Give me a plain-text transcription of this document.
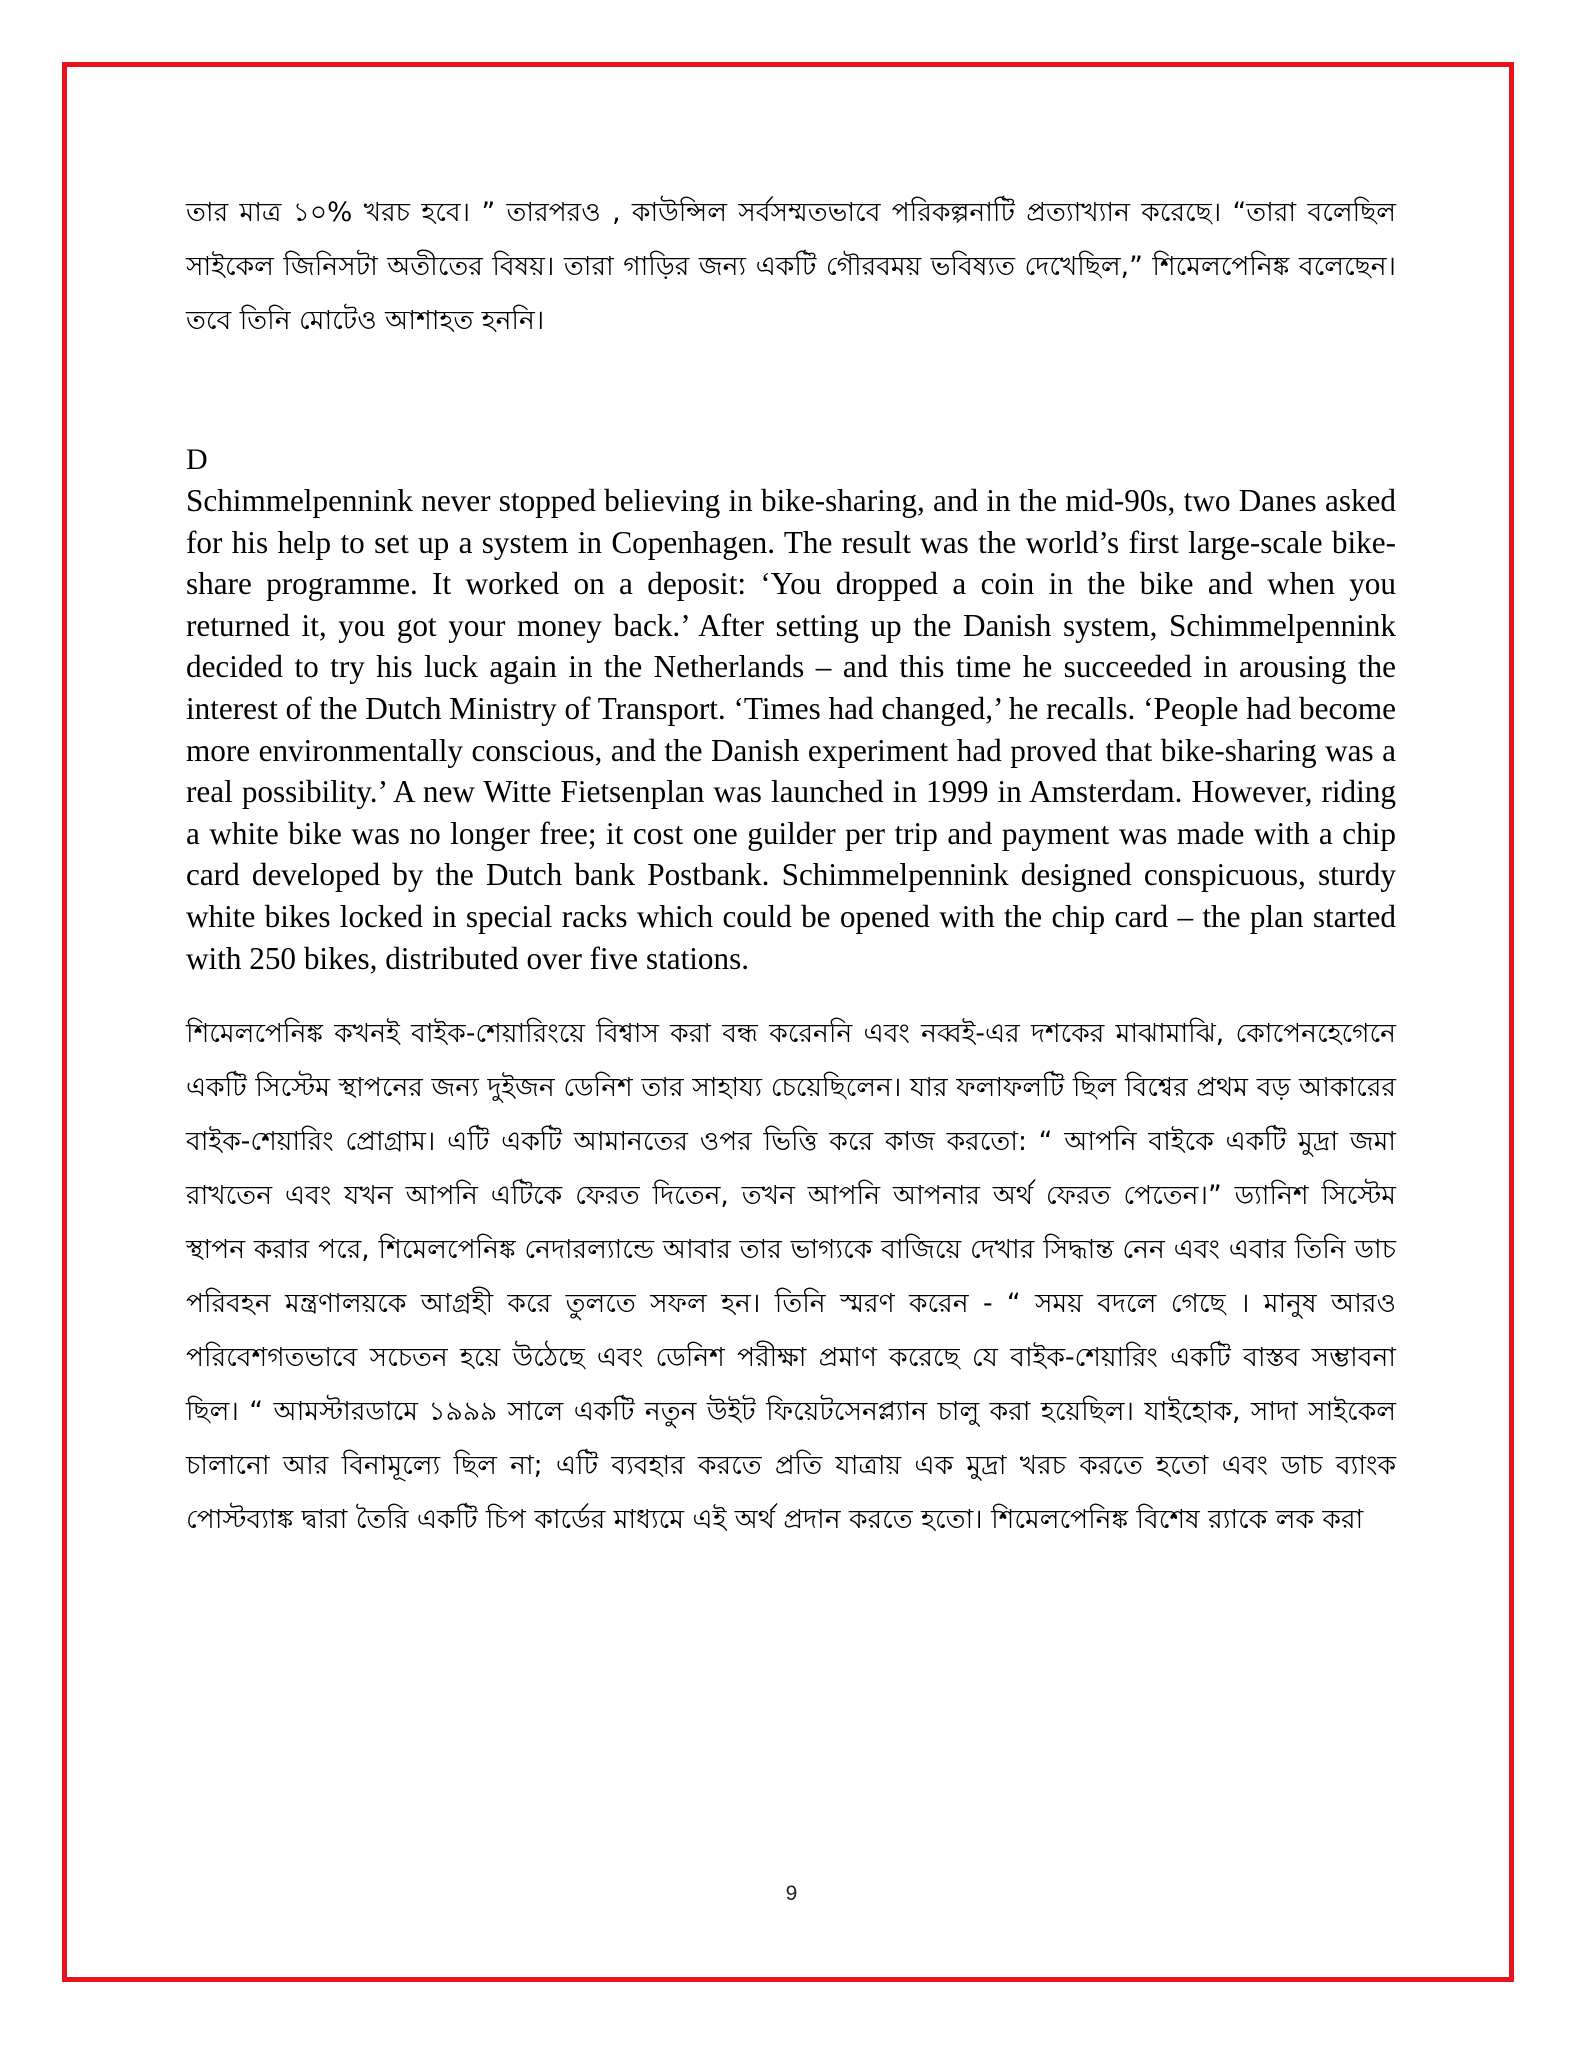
তার মাত্র ১০% খরচ হবে। ” তারপরও , কাউন্সিল সর্বসম্মতভাবে পরিকল্পনাটি প্রত্যাখ্যান করেছে। “তারা বলেছিল সাইকেল জিনিসটা অতীতের বিষয়। তারা গাড়ির জন্য একটি গৌরবময় ভবিষ্যত দেখেছিল,” শিমেলপেনিঙ্ক বলেছেন। তবে তিনি মোটেও আশাহত হননি।

D

Schimmelpennink never stopped believing in bike-sharing, and in the mid-90s, two Danes asked for his help to set up a system in Copenhagen. The result was the world’s first large-scale bike-share programme. It worked on a deposit: ‘You dropped a coin in the bike and when you returned it, you got your money back.’ After setting up the Danish system, Schimmelpennink decided to try his luck again in the Netherlands – and this time he succeeded in arousing the interest of the Dutch Ministry of Transport. ‘Times had changed,’ he recalls. ‘People had become more environmentally conscious, and the Danish experiment had proved that bike-sharing was a real possibility.’ A new Witte Fietsenplan was launched in 1999 in Amsterdam. However, riding a white bike was no longer free; it cost one guilder per trip and payment was made with a chip card developed by the Dutch bank Postbank. Schimmelpennink designed conspicuous, sturdy white bikes locked in special racks which could be opened with the chip card – the plan started with 250 bikes, distributed over five stations.

শিমেলপেনিঙ্ক কখনই বাইক-শেয়ারিংয়ে বিশ্বাস করা বন্ধ করেননি এবং নব্বই-এর দশকের মাঝামাঝি, কোপেনহেগেনে একটি সিস্টেম স্থাপনের জন্য দুইজন ডেনিশ তার সাহায্য চেয়েছিলেন। যার ফলাফলটি ছিল বিশ্বের প্রথম বড় আকারের বাইক-শেয়ারিং প্রোগ্রাম। এটি একটি আমানতের ওপর ভিত্তি করে কাজ করতো: “ আপনি বাইকে একটি মুদ্রা জমা রাখতেন এবং যখন আপনি এটিকে ফেরত দিতেন, তখন আপনি আপনার অর্থ ফেরত পেতেন।” ড্যানিশ সিস্টেম স্থাপন করার পরে, শিমেলপেনিঙ্ক নেদারল্যান্ডে আবার তার ভাগ্যকে বাজিয়ে দেখার সিদ্ধান্ত নেন এবং এবার তিনি ডাচ পরিবহন মন্ত্রণালয়কে আগ্রহী করে তুলতে সফল হন। তিনি স্মরণ করেন - “ সময় বদলে গেছে । মানুষ আরও পরিবেশগতভাবে সচেতন হয়ে উঠেছে এবং ডেনিশ পরীক্ষা প্রমাণ করেছে যে বাইক-শেয়ারিং একটি বাস্তব সম্ভাবনা ছিল। “ আমস্টারডামে ১৯৯৯ সালে একটি নতুন উইট ফিয়েটসেনপ্ল্যান চালু করা হয়েছিল। যাইহোক, সাদা সাইকেল চালানো আর বিনামূল্যে ছিল না; এটি ব্যবহার করতে প্রতি যাত্রায় এক মুদ্রা খরচ করতে হতো এবং ডাচ ব্যাংক পোস্টব্যাঙ্ক দ্বারা তৈরি একটি চিপ কার্ডের মাধ্যমে এই অর্থ প্রদান করতে হতো। শিমেলপেনিঙ্ক বিশেষ র‍্যাকে লক করা

9
